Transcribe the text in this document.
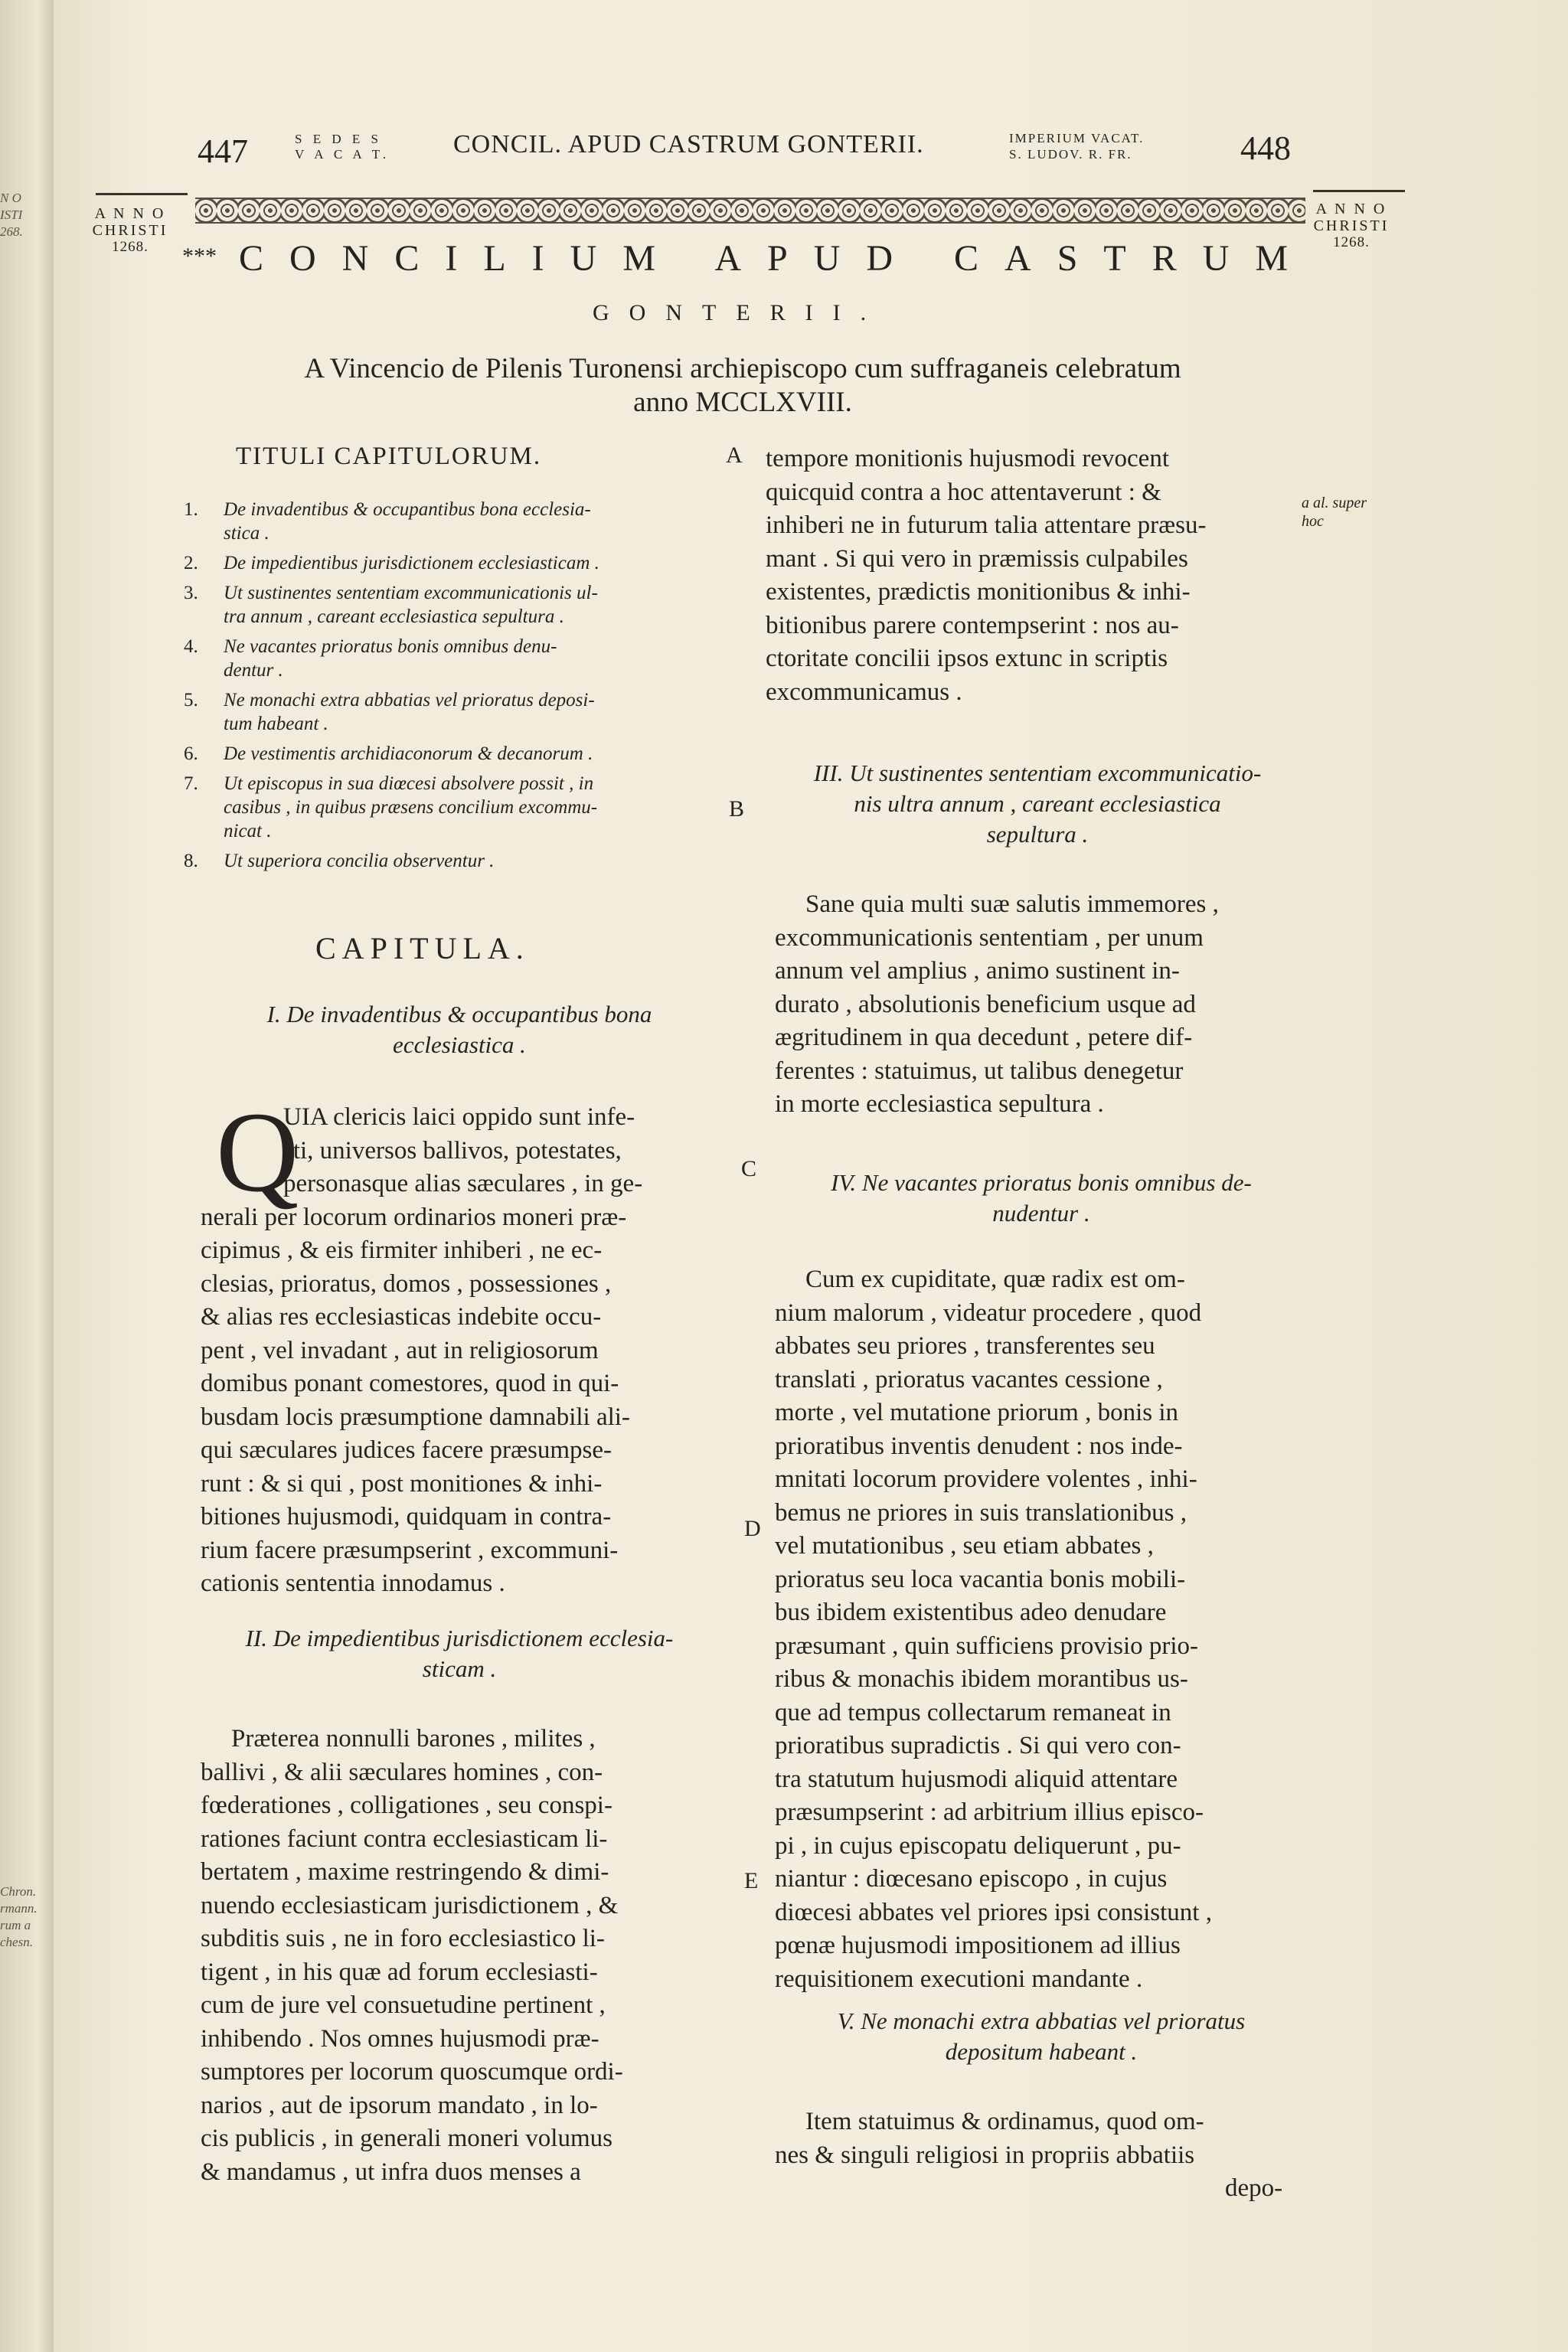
N O
ISTI
268.
Chron.
rmann.
rum a
chesn.
447	S E D E S
V A C A T. CONCIL. APUD CASTRUM GONTERII.	IMPERIUM VACAT.
S. LUDOV. R. FR.	448
A N N O
CHRISTI
1268.
A N N O
CHRISTI
1268.
*** CONCILIUM APUD CASTRUM
GONTERII.
A Vincencio de Pilenis Turonensi archiepiscopo cum suffraganeis celebratum
anno MCCLXVIII.
TITULI CAPITULORUM.
1. De invadentibus & occupantibus bona ecclesia-
stica .
2. De impedientibus jurisdictionem ecclesiasticam .
3. Ut sustinentes sententiam excommunicationis ul-
tra annum , careant ecclesiastica sepultura .
4. Ne vacantes prioratus bonis omnibus denu-
dentur .
5. Ne monachi extra abbatias vel prioratus deposi-
tum habeant .
6. De vestimentis archidiaconorum & decanorum .
7. Ut episcopus in sua diœcesi absolvere possit , in
casibus , in quibus præsens concilium excommu-
nicat .
8. Ut superiora concilia observentur .
CAPITULA.
I. De invadentibus & occupantibus bona
ecclesiastica .
Q
UIA clericis laici oppido sunt infe-
sti, universos ballivos, potestates,
personasque alias sæculares , in ge-
nerali per locorum ordinarios moneri præ-
cipimus , & eis firmiter inhiberi , ne ec-
clesias, prioratus, domos , possessiones ,
& alias res ecclesiasticas indebite occu-
pent , vel invadant , aut in religiosorum
domibus ponant comestores, quod in qui-
busdam locis præsumptione damnabili ali-
qui sæculares judices facere præsumpse-
runt : & si qui , post monitiones & inhi-
bitiones hujusmodi, quidquam in contra-
rium facere præsumpserint , excommuni-
cationis sententia innodamus .
II. De impedientibus jurisdictionem ecclesia-
sticam .
Præterea nonnulli barones , milites ,
ballivi , & alii sæculares homines , con-
fœderationes , colligationes , seu conspi-
rationes faciunt contra ecclesiasticam li-
bertatem , maxime restringendo & dimi-
nuendo ecclesiasticam jurisdictionem , &
subditis suis , ne in foro ecclesiastico li-
tigent , in his quæ ad forum ecclesiasti-
cum de jure vel consuetudine pertinent ,
inhibendo . Nos omnes hujusmodi præ-
sumptores per locorum quoscumque ordi-
narios , aut de ipsorum mandato , in lo-
cis publicis , in generali moneri volumus
& mandamus , ut infra duos menses a
A
B
C
D
E
a al. super
hoc
tempore monitionis hujusmodi revocent
quicquid contra a hoc attentaverunt : &
inhiberi ne in futurum talia attentare præsu-
mant . Si qui vero in præmissis culpabiles
existentes, prædictis monitionibus & inhi-
bitionibus parere contempserint : nos au-
ctoritate concilii ipsos extunc in scriptis
excommunicamus .
III. Ut sustinentes sententiam excommunicatio-
nis ultra annum , careant ecclesiastica
sepultura .
Sane quia multi suæ salutis immemores ,
excommunicationis sententiam , per unum
annum vel amplius , animo sustinent in-
durato , absolutionis beneficium usque ad
ægritudinem in qua decedunt , petere dif-
ferentes : statuimus, ut talibus denegetur
in morte ecclesiastica sepultura .
IV. Ne vacantes prioratus bonis omnibus de-
nudentur .
Cum ex cupiditate, quæ radix est om-
nium malorum , videatur procedere , quod
abbates seu priores , transferentes seu
translati , prioratus vacantes cessione ,
morte , vel mutatione priorum , bonis in
prioratibus inventis denudent : nos inde-
mnitati locorum providere volentes , inhi-
bemus ne priores in suis translationibus ,
vel mutationibus , seu etiam abbates ,
prioratus seu loca vacantia bonis mobili-
bus ibidem existentibus adeo denudare
præsumant , quin sufficiens provisio prio-
ribus & monachis ibidem morantibus us-
que ad tempus collectarum remaneat in
prioratibus supradictis . Si qui vero con-
tra statutum hujusmodi aliquid attentare
præsumpserint : ad arbitrium illius episco-
pi , in cujus episcopatu deliquerunt , pu-
niantur : diœcesano episcopo , in cujus
diœcesi abbates vel priores ipsi consistunt ,
pœnæ hujusmodi impositionem ad illius
requisitionem executioni mandante .
V. Ne monachi extra abbatias vel prioratus
depositum habeant .
Item statuimus & ordinamus, quod om-
nes & singuli religiosi in propriis abbatiis
depo-
